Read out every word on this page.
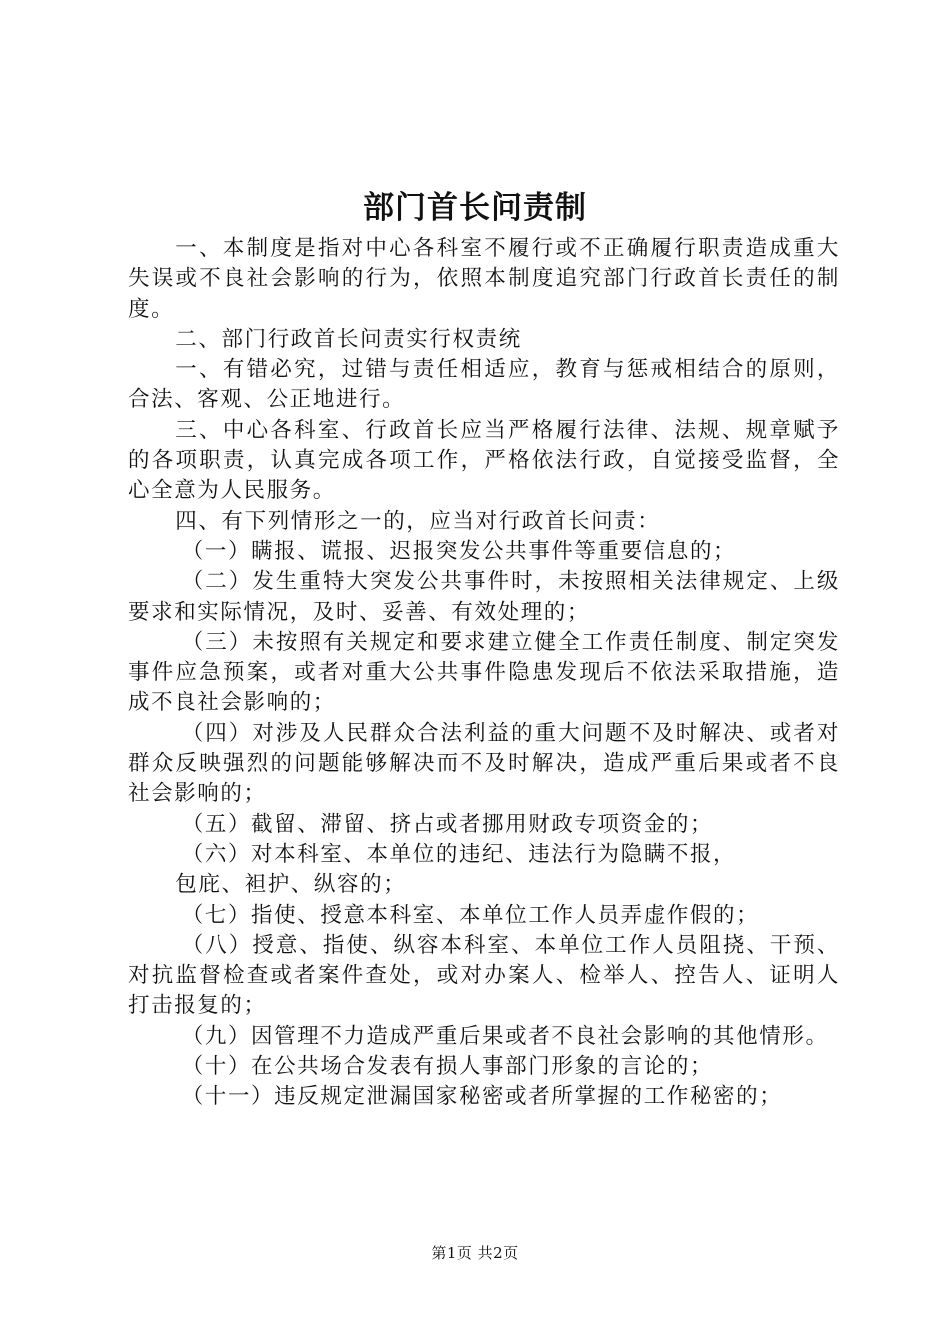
部门首长问责制

一、本制度是指对中心各科室不履行或不正确履行职责造成重大失误或不良社会影响的行为，依照本制度追究部门行政首长责任的制度。

二、部门行政首长问责实行权责统

一、有错必究，过错与责任相适应，教育与惩戒相结合的原则，合法、客观、公正地进行。

三、中心各科室、行政首长应当严格履行法律、法规、规章赋予的各项职责，认真完成各项工作，严格依法行政，自觉接受监督，全心全意为人民服务。

四、有下列情形之一的，应当对行政首长问责：

（一）瞒报、谎报、迟报突发公共事件等重要信息的；

（二）发生重特大突发公共事件时，未按照相关法律规定、上级要求和实际情况，及时、妥善、有效处理的；

（三）未按照有关规定和要求建立健全工作责任制度、制定突发事件应急预案，或者对重大公共事件隐患发现后不依法采取措施，造成不良社会影响的；

（四）对涉及人民群众合法利益的重大问题不及时解决、或者对群众反映强烈的问题能够解决而不及时解决，造成严重后果或者不良社会影响的；

（五）截留、滞留、挤占或者挪用财政专项资金的；

（六）对本科室、本单位的违纪、违法行为隐瞒不报，

包庇、袒护、纵容的；

（七）指使、授意本科室、本单位工作人员弄虚作假的；

（八）授意、指使、纵容本科室、本单位工作人员阻挠、干预、对抗监督检查或者案件查处，或对办案人、检举人、控告人、证明人打击报复的；

（九）因管理不力造成严重后果或者不良社会影响的其他情形。

（十）在公共场合发表有损人事部门形象的言论的；

（十一）违反规定泄漏国家秘密或者所掌握的工作秘密的；

第1页 共2页
